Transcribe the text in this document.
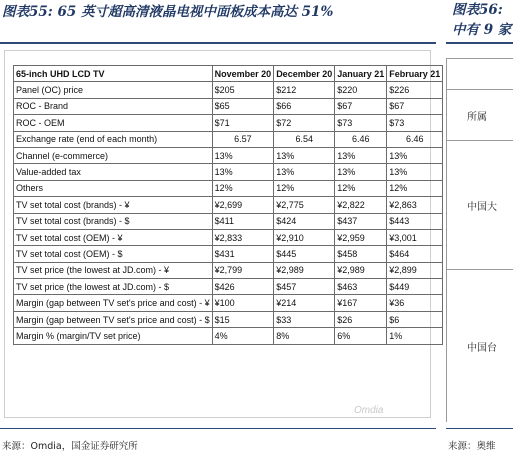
图表55: 65 英寸超高清液晶电视中面板成本高达 51%	图表56:
中有 9 家
65-inch UHD LCD TV	November 20	December 20	January 21	February 21
Panel (OC) price	$205	$212	$220	$226
ROC - Brand	$65	$66	$67	$67
ROC - OEM	$71	$72	$73	$73
Exchange rate (end of each month)	6.57	6.54	6.46	6.46
Channel (e-commerce)	13%	13%	13%	13%
Value-added tax	13%	13%	13%	13%
Others	12%	12%	12%	12%
TV set total cost (brands) - ¥	¥2,699	¥2,775	¥2,822	¥2,863
TV set total cost (brands) - $	$411	$424	$437	$443
TV set total cost (OEM) - ¥	¥2,833	¥2,910	¥2,959	¥3,001
TV set total cost (OEM) - $	$431	$445	$458	$464
TV set price (the lowest at JD.com) - ¥	¥2,799	¥2,989	¥2,989	¥2,899
TV set price (the lowest at JD.com) - $	$426	$457	$463	$449
Margin (gap between TV set's price and cost) - ¥	¥100	¥214	¥167	¥36
Margin (gap between TV set's price and cost) - $	$15	$33	$26	$6
Margin % (margin/TV set price)	4%	8%	6%	1%
Omdia
来源：Omdia，国金证券研究所	来源：奥维

所属
中国大
中国台
